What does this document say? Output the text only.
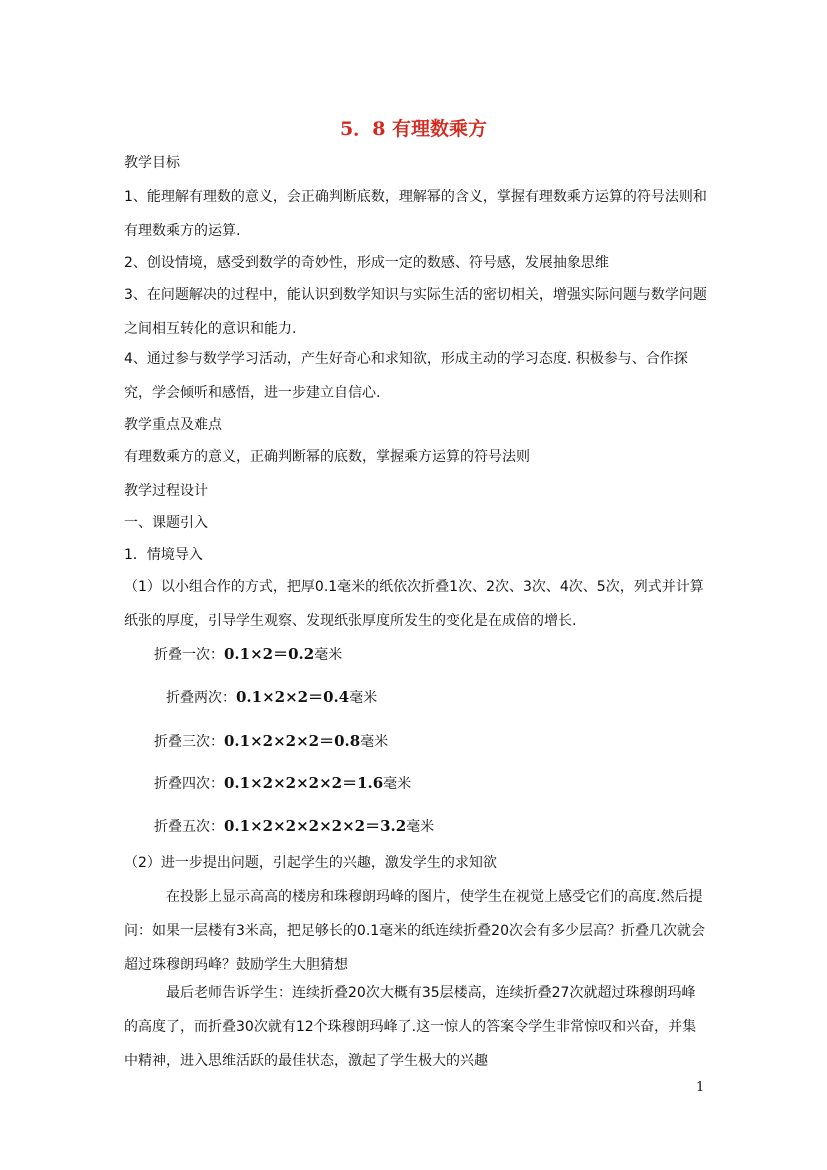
5．8 有理数乘方

教学目标

1、能理解有理数的意义，会正确判断底数，理解幂的含义，掌握有理数乘方运算的符号法则和有理数乘方的运算.

2、创设情境，感受到数学的奇妙性，形成一定的数感、符号感，发展抽象思维

3、在问题解决的过程中，能认识到数学知识与实际生活的密切相关，增强实际问题与数学问题之间相互转化的意识和能力.

4、通过参与数学学习活动，产生好奇心和求知欲，形成主动的学习态度. 积极参与、合作探究，学会倾听和感悟，进一步建立自信心.

教学重点及难点

有理数乘方的意义，正确判断幂的底数，掌握乘方运算的符号法则

教学过程设计

一、课题引入

1．情境导入

（1）以小组合作的方式，把厚0.1毫米的纸依次折叠1次、2次、3次、4次、5次，列式并计算纸张的厚度，引导学生观察、发现纸张厚度所发生的变化是在成倍的增长.

折叠一次：0.1×2＝0.2毫米
折叠两次：0.1×2×2＝0.4毫米
折叠三次：0.1×2×2×2＝0.8毫米
折叠四次：0.1×2×2×2×2＝1.6毫米
折叠五次：0.1×2×2×2×2×2＝3.2毫米

（2）进一步提出问题，引起学生的兴趣，激发学生的求知欲

在投影上显示高高的楼房和珠穆朗玛峰的图片，使学生在视觉上感受它们的高度.然后提问：如果一层楼有3米高，把足够长的0.1毫米的纸连续折叠20次会有多少层高？折叠几次就会超过珠穆朗玛峰？鼓励学生大胆猜想

最后老师告诉学生：连续折叠20次大概有35层楼高，连续折叠27次就超过珠穆朗玛峰的高度了，而折叠30次就有12个珠穆朗玛峰了.这一惊人的答案令学生非常惊叹和兴奋，并集中精神，进入思维活跃的最佳状态，激起了学生极大的兴趣

1
